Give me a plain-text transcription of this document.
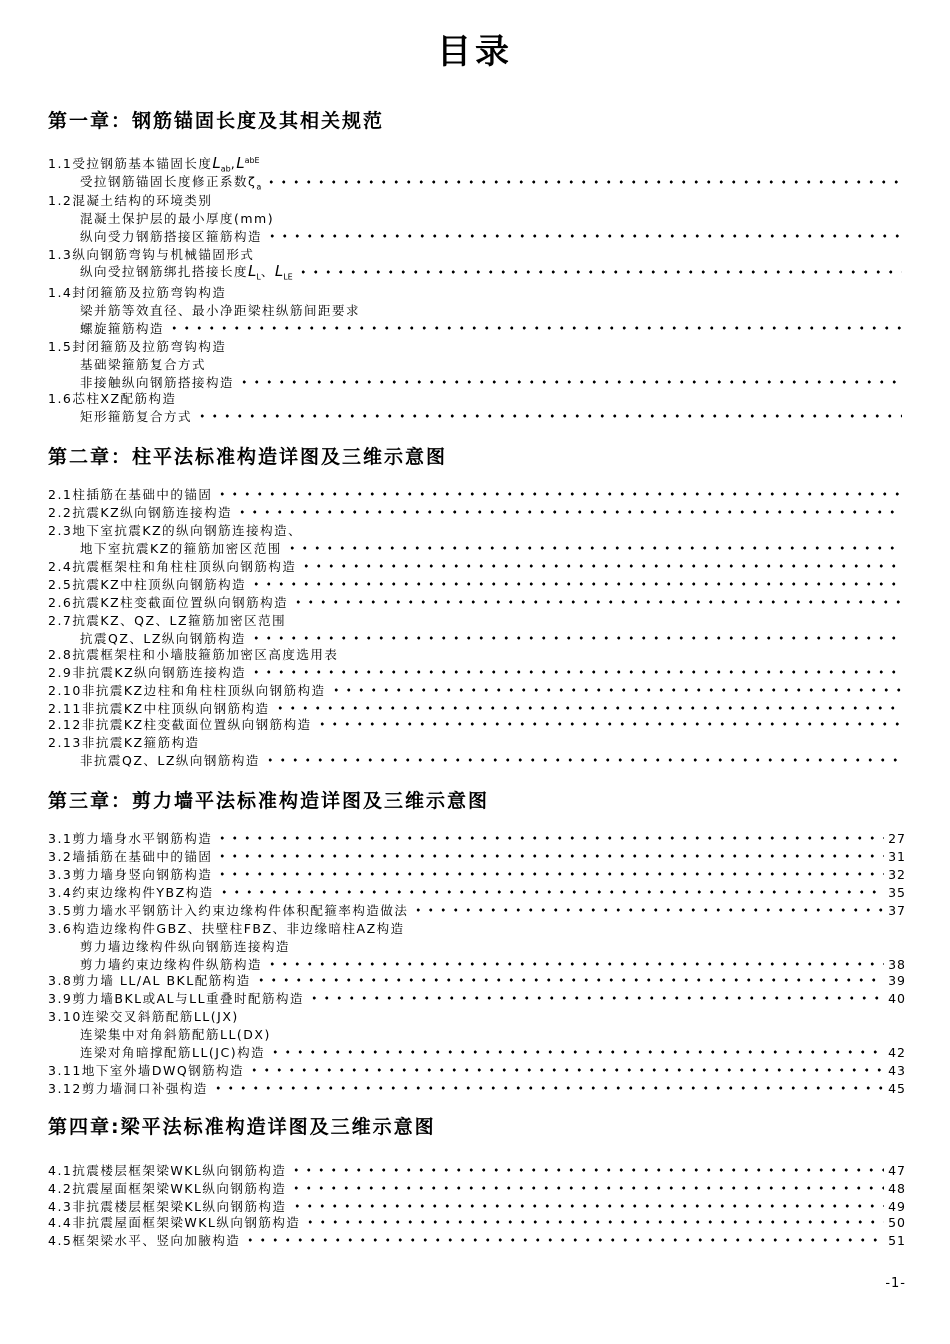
目录
第一章：钢筋锚固长度及其相关规范
1.1受拉钢筋基本锚固长度$L_{ab},L^{abE}$
受拉钢筋锚固长度修正系数$\zeta_a$
1.2混凝土结构的环境类别
混凝土保护层的最小厚度(mm)
纵向受力钢筋搭接区箍筋构造
1.3纵向钢筋弯钩与机械锚固形式
纵向受拉钢筋绑扎搭接长度$L_L$、$L_{LE}$
1.4封闭箍筋及拉筋弯钩构造
梁并筋等效直径、最小净距梁柱纵筋间距要求
螺旋箍筋构造
1.5封闭箍筋及拉筋弯钩构造
基础梁箍筋复合方式
非接触纵向钢筋搭接构造
1.6芯柱XZ配筋构造
矩形箍筋复合方式
第二章：柱平法标准构造详图及三维示意图
2.1柱插筋在基础中的锚固
2.2抗震KZ纵向钢筋连接构造
2.3地下室抗震KZ的纵向钢筋连接构造、
地下室抗震KZ的箍筋加密区范围
2.4抗震框架柱和角柱柱顶纵向钢筋构造
2.5抗震KZ中柱顶纵向钢筋构造
2.6抗震KZ柱变截面位置纵向钢筋构造
2.7抗震KZ、QZ、LZ箍筋加密区范围
抗震QZ、LZ纵向钢筋构造
2.8抗震框架柱和小墙肢箍筋加密区高度选用表
2.9非抗震KZ纵向钢筋连接构造
2.10非抗震KZ边柱和角柱柱顶纵向钢筋构造
2.11非抗震KZ中柱顶纵向钢筋构造
2.12非抗震KZ柱变截面位置纵向钢筋构造
2.13非抗震KZ箍筋构造
非抗震QZ、LZ纵向钢筋构造
第三章：剪力墙平法标准构造详图及三维示意图
3.1剪力墙身水平钢筋构造	27
3.2墙插筋在基础中的锚固	31
3.3剪力墙身竖向钢筋构造	32
3.4约束边缘构件YBZ构造	35
3.5剪力墙水平钢筋计入约束边缘构件体积配箍率构造做法	37
3.6构造边缘构件GBZ、扶壁柱FBZ、非边缘暗柱AZ构造
剪力墙边缘构件纵向钢筋连接构造
剪力墙约束边缘构件纵筋构造	38
3.8剪力墙 LL/AL BKL配筋构造	39
3.9剪力墙BKL或AL与LL重叠时配筋构造	40
3.10连梁交叉斜筋配筋LL(JX)
连梁集中对角斜筋配筋LL(DX)
连梁对角暗撑配筋LL(JC)构造	42
3.11地下室外墙DWQ钢筋构造	43
3.12剪力墙洞口补强构造	45
第四章:梁平法标准构造详图及三维示意图
4.1抗震楼层框架梁WKL纵向钢筋构造	47
4.2抗震屋面框架梁WKL纵向钢筋构造	48
4.3非抗震楼层框架梁KL纵向钢筋构造	49
4.4非抗震屋面框架梁WKL纵向钢筋构造	50
4.5框架梁水平、竖向加腋构造	51
-1-
